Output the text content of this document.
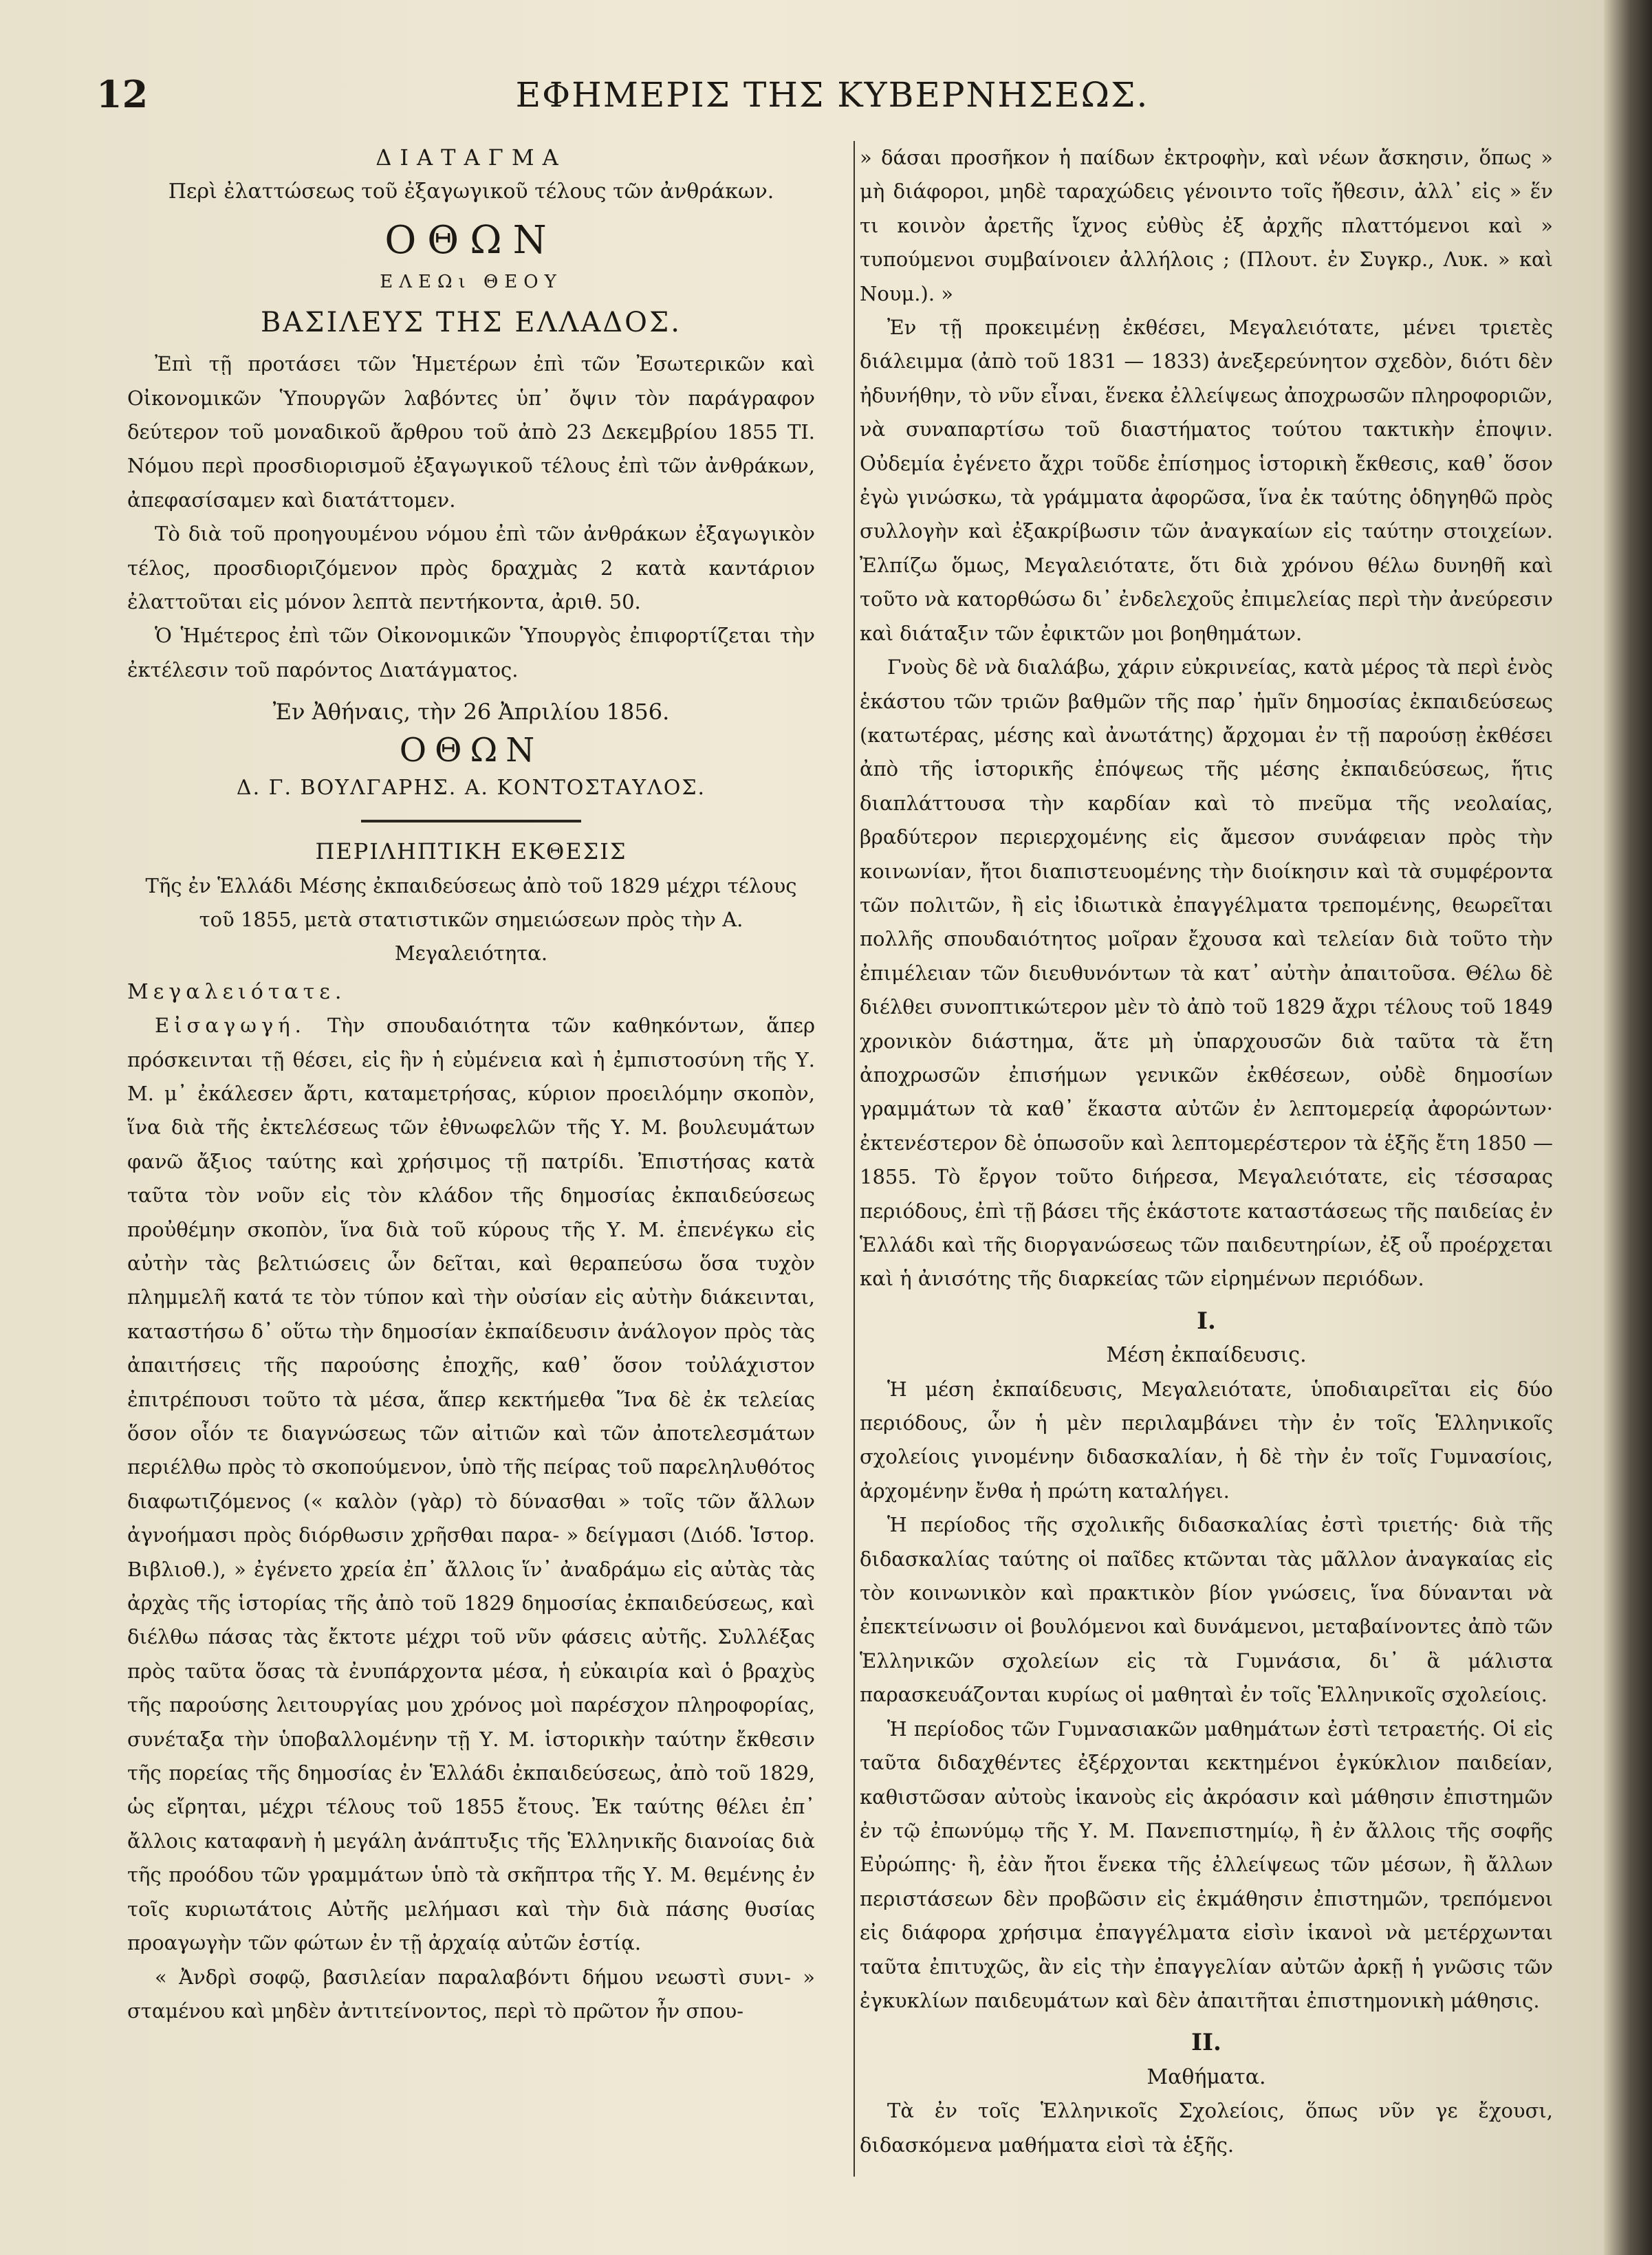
12	ΕΦΗΜΕΡΙΣ ΤΗΣ ΚΥΒΕΡΝΗΣΕΩΣ.

ΔΙΑΤΑΓΜΑ

Περὶ ἐλαττώσεως τοῦ ἐξαγωγικοῦ τέλους τῶν ἀνθράκων.

ΟΘΩΝ

ΕΛΕΩι ΘΕΟΥ

ΒΑΣΙΛΕΥΣ ΤΗΣ ΕΛΛΑΔΟΣ.

Ἐπὶ τῇ προτάσει τῶν Ἡμετέρων ἐπὶ τῶν Ἐσωτερικῶν καὶ Οἰκονομικῶν Ὑπουργῶν λαβόντες ὑπ᾽ ὄψιν τὸν παράγραφον δεύτερον τοῦ μοναδικοῦ ἄρθρου τοῦ ἀπὸ 23 Δεκεμβρίου 1855 ΤΙ. Νόμου περὶ προσδιορισμοῦ ἐξαγωγικοῦ τέλους ἐπὶ τῶν ἀνθράκων, ἀπεφασίσαμεν καὶ διατάττομεν.

Τὸ διὰ τοῦ προηγουμένου νόμου ἐπὶ τῶν ἀνθράκων ἐξαγωγικὸν τέλος, προσδιοριζόμενον πρὸς δραχμὰς 2 κατὰ καντάριον ἐλαττοῦται εἰς μόνον λεπτὰ πεντήκοντα, ἀριθ. 50.

Ὁ Ἡμέτερος ἐπὶ τῶν Οἰκονομικῶν Ὑπουργὸς ἐπιφορτίζεται τὴν ἐκτέλεσιν τοῦ παρόντος Διατάγματος.

Ἐν Ἀθήναις, τὴν 26 Ἀπριλίου 1856.

ΟΘΩΝ

Δ. Γ. ΒΟΥΛΓΑΡΗΣ. Α. ΚΟΝΤΟΣΤΑΥΛΟΣ.

ΠΕΡΙΛΗΠΤΙΚΗ ΕΚΘΕΣΙΣ

Τῆς ἐν Ἑλλάδι Μέσης ἐκπαιδεύσεως ἀπὸ τοῦ 1829 μέχρι τέλους τοῦ 1855, μετὰ στατιστικῶν σημειώσεων πρὸς τὴν Α. Μεγαλειότητα.

Μεγαλειότατε.

Εἰσαγωγή. Τὴν σπουδαιότητα τῶν καθηκόντων, ἅπερ πρόσκεινται τῇ θέσει, εἰς ἣν ἡ εὐμένεια καὶ ἡ ἐμπιστοσύνη τῆς Υ. Μ. μ᾽ ἐκάλεσεν ἄρτι, καταμετρήσας, κύριον προειλόμην σκοπὸν, ἵνα διὰ τῆς ἐκτελέσεως τῶν ἐθνωφελῶν τῆς Υ. Μ. βουλευμάτων φανῶ ἄξιος ταύτης καὶ χρήσιμος τῇ πατρίδι. Ἐπιστήσας κατὰ ταῦτα τὸν νοῦν εἰς τὸν κλάδον τῆς δημοσίας ἐκπαιδεύσεως προὐθέμην σκοπὸν, ἵνα διὰ τοῦ κύρους τῆς Υ. Μ. ἐπενέγκω εἰς αὐτὴν τὰς βελτιώσεις ὧν δεῖται, καὶ θεραπεύσω ὅσα τυχὸν πλημμελῆ κατά τε τὸν τύπον καὶ τὴν οὐσίαν εἰς αὐτὴν διάκεινται, καταστήσω δ᾽ οὕτω τὴν δημοσίαν ἐκπαίδευσιν ἀνάλογον πρὸς τὰς ἀπαιτήσεις τῆς παρούσης ἐποχῆς, καθ᾽ ὅσον τοὐλάχιστον ἐπιτρέπουσι τοῦτο τὰ μέσα, ἅπερ κεκτήμεθα Ἵνα δὲ ἐκ τελείας ὅσον οἷόν τε διαγνώσεως τῶν αἰτιῶν καὶ τῶν ἀποτελεσμάτων περιέλθω πρὸς τὸ σκοπούμενον, ὑπὸ τῆς πείρας τοῦ παρεληλυθότος διαφωτιζόμενος (« καλὸν (γὰρ) τὸ δύνασθαι » τοῖς τῶν ἄλλων ἀγνοήμασι πρὸς διόρθωσιν χρῆσθαι παρα- » δείγμασι (Διόδ. Ἱστορ. Βιβλιοθ.), » ἐγένετο χρεία ἐπ᾽ ἄλλοις ἵν᾽ ἀναδράμω εἰς αὐτὰς τὰς ἀρχὰς τῆς ἱστορίας τῆς ἀπὸ τοῦ 1829 δημοσίας ἐκπαιδεύσεως, καὶ διέλθω πάσας τὰς ἔκτοτε μέχρι τοῦ νῦν φάσεις αὐτῆς. Συλλέξας πρὸς ταῦτα ὅσας τὰ ἐνυπάρχοντα μέσα, ἡ εὐκαιρία καὶ ὁ βραχὺς τῆς παρούσης λειτουργίας μου χρόνος μοὶ παρέσχον πληροφορίας, συνέταξα τὴν ὑποβαλλομένην τῇ Υ. Μ. ἱστορικὴν ταύτην ἔκθεσιν τῆς πορείας τῆς δημοσίας ἐν Ἑλλάδι ἐκπαιδεύσεως, ἀπὸ τοῦ 1829, ὡς εἴρηται, μέχρι τέλους τοῦ 1855 ἔτους. Ἐκ ταύτης θέλει ἐπ᾽ ἄλλοις καταφανὴ ἡ μεγάλη ἀνάπτυξις τῆς Ἑλληνικῆς διανοίας διὰ τῆς προόδου τῶν γραμμάτων ὑπὸ τὰ σκῆπτρα τῆς Υ. Μ. θεμένης ἐν τοῖς κυριωτάτοις Αὐτῆς μελήμασι καὶ τὴν διὰ πάσης θυσίας προαγωγὴν τῶν φώτων ἐν τῇ ἀρχαίᾳ αὐτῶν ἑστίᾳ.

« Ἀνδρὶ σοφῷ, βασιλείαν παραλαβόντι δήμου νεωστὶ συνι- » σταμένου καὶ μηδὲν ἀντιτείνοντος, περὶ τὸ πρῶτον ἦν σπου-

» δάσαι προσῆκον ἡ παίδων ἐκτροφὴν, καὶ νέων ἄσκησιν, ὅπως » μὴ διάφοροι, μηδὲ ταραχώδεις γένοιντο τοῖς ἤθεσιν, ἀλλ᾽ εἰς » ἕν τι κοινὸν ἀρετῆς ἴχνος εὐθὺς ἐξ ἀρχῆς πλαττόμενοι καὶ » τυπούμενοι συμβαίνοιεν ἀλλήλοις ; (Πλουτ. ἐν Συγκρ., Λυκ. » καὶ Νουμ.). »

Ἐν τῇ προκειμένῃ ἐκθέσει, Μεγαλειότατε, μένει τριετὲς διάλειμμα (ἀπὸ τοῦ 1831 — 1833) ἀνεξερεύνητον σχεδὸν, διότι δὲν ἠδυνήθην, τὸ νῦν εἶναι, ἕνεκα ἐλλείψεως ἀποχρωσῶν πληροφοριῶν, νὰ συναπαρτίσω τοῦ διαστήματος τούτου τακτικὴν ἐποψιν. Οὐδεμία ἐγένετο ἄχρι τοῦδε ἐπίσημος ἱστορικὴ ἔκθεσις, καθ᾽ ὅσον ἐγὼ γινώσκω, τὰ γράμματα ἀφορῶσα, ἵνα ἐκ ταύτης ὁδηγηθῶ πρὸς συλλογὴν καὶ ἐξακρίβωσιν τῶν ἀναγκαίων εἰς ταύτην στοιχείων. Ἐλπίζω ὅμως, Μεγαλειότατε, ὅτι διὰ χρόνου θέλω δυνηθῆ καὶ τοῦτο νὰ κατορθώσω δι᾽ ἐνδελεχοῦς ἐπιμελείας περὶ τὴν ἀνεύρεσιν καὶ διάταξιν τῶν ἐφικτῶν μοι βοηθημάτων.

Γνοὺς δὲ νὰ διαλάβω, χάριν εὐκρινείας, κατὰ μέρος τὰ περὶ ἑνὸς ἑκάστου τῶν τριῶν βαθμῶν τῆς παρ᾽ ἡμῖν δημοσίας ἐκπαιδεύσεως (κατωτέρας, μέσης καὶ ἀνωτάτης) ἄρχομαι ἐν τῇ παρούσῃ ἐκθέσει ἀπὸ τῆς ἱστορικῆς ἐπόψεως τῆς μέσης ἐκπαιδεύσεως, ἥτις διαπλάττουσα τὴν καρδίαν καὶ τὸ πνεῦμα τῆς νεολαίας, βραδύτερον περιερχομένης εἰς ἄμεσον συνάφειαν πρὸς τὴν κοινωνίαν, ἤτοι διαπιστευομένης τὴν διοίκησιν καὶ τὰ συμφέροντα τῶν πολιτῶν, ἢ εἰς ἰδιωτικὰ ἐπαγγέλματα τρεπομένης, θεωρεῖται πολλῆς σπουδαιότητος μοῖραν ἔχουσα καὶ τελείαν διὰ τοῦτο τὴν ἐπιμέλειαν τῶν διευθυνόντων τὰ κατ᾽ αὐτὴν ἀπαιτοῦσα. Θέλω δὲ διέλθει συνοπτικώτερον μὲν τὸ ἀπὸ τοῦ 1829 ἄχρι τέλους τοῦ 1849 χρονικὸν διάστημα, ἅτε μὴ ὑπαρχουσῶν διὰ ταῦτα τὰ ἔτη ἀποχρωσῶν ἐπισήμων γενικῶν ἐκθέσεων, οὐδὲ δημοσίων γραμμάτων τὰ καθ᾽ ἕκαστα αὐτῶν ἐν λεπτομερείᾳ ἀφορώντων· ἐκτενέστερον δὲ ὁπωσοῦν καὶ λεπτομερέστερον τὰ ἑξῆς ἔτη 1850 — 1855. Τὸ ἔργον τοῦτο διήρεσα, Μεγαλειότατε, εἰς τέσσαρας περιόδους, ἐπὶ τῇ βάσει τῆς ἑκάστοτε καταστάσεως τῆς παιδείας ἐν Ἑλλάδι καὶ τῆς διοργανώσεως τῶν παιδευτηρίων, ἐξ οὗ προέρχεται καὶ ἡ ἀνισότης τῆς διαρκείας τῶν εἰρημένων περιόδων.

I.

Μέση ἐκπαίδευσις.

Ἡ μέση ἐκπαίδευσις, Μεγαλειότατε, ὑποδιαιρεῖται εἰς δύο περιόδους, ὧν ἡ μὲν περιλαμβάνει τὴν ἐν τοῖς Ἑλληνικοῖς σχολείοις γινομένην διδασκαλίαν, ἡ δὲ τὴν ἐν τοῖς Γυμνασίοις, ἀρχομένην ἔνθα ἡ πρώτη καταλήγει.

Ἡ περίοδος τῆς σχολικῆς διδασκαλίας ἐστὶ τριετής· διὰ τῆς διδασκαλίας ταύτης οἱ παῖδες κτῶνται τὰς μᾶλλον ἀναγκαίας εἰς τὸν κοινωνικὸν καὶ πρακτικὸν βίον γνώσεις, ἵνα δύνανται νὰ ἐπεκτείνωσιν οἱ βουλόμενοι καὶ δυνάμενοι, μεταβαίνοντες ἀπὸ τῶν Ἑλληνικῶν σχολείων εἰς τὰ Γυμνάσια, δι᾽ ἃ μάλιστα παρασκευάζονται κυρίως οἱ μαθηταὶ ἐν τοῖς Ἑλληνικοῖς σχολείοις.

Ἡ περίοδος τῶν Γυμνασιακῶν μαθημάτων ἐστὶ τετραετής. Οἱ εἰς ταῦτα διδαχθέντες ἐξέρχονται κεκτημένοι ἐγκύκλιον παιδείαν, καθιστῶσαν αὐτοὺς ἱκανοὺς εἰς ἀκρόασιν καὶ μάθησιν ἐπιστημῶν ἐν τῷ ἐπωνύμῳ τῆς Υ. Μ. Πανεπιστημίῳ, ἢ ἐν ἄλλοις τῆς σοφῆς Εὐρώπης· ἢ, ἐὰν ἤτοι ἕνεκα τῆς ἐλλείψεως τῶν μέσων, ἢ ἄλλων περιστάσεων δὲν προβῶσιν εἰς ἐκμάθησιν ἐπιστημῶν, τρεπόμενοι εἰς διάφορα χρήσιμα ἐπαγγέλματα εἰσὶν ἱκανοὶ νὰ μετέρχωνται ταῦτα ἐπιτυχῶς, ἂν εἰς τὴν ἐπαγγελίαν αὐτῶν ἀρκῇ ἡ γνῶσις τῶν ἐγκυκλίων παιδευμάτων καὶ δὲν ἀπαιτῆται ἐπιστημονικὴ μάθησις.

II.

Μαθήματα.

Τὰ ἐν τοῖς Ἑλληνικοῖς Σχολείοις, ὅπως νῦν γε ἔχουσι, διδασκόμενα μαθήματα εἰσὶ τὰ ἑξῆς.
